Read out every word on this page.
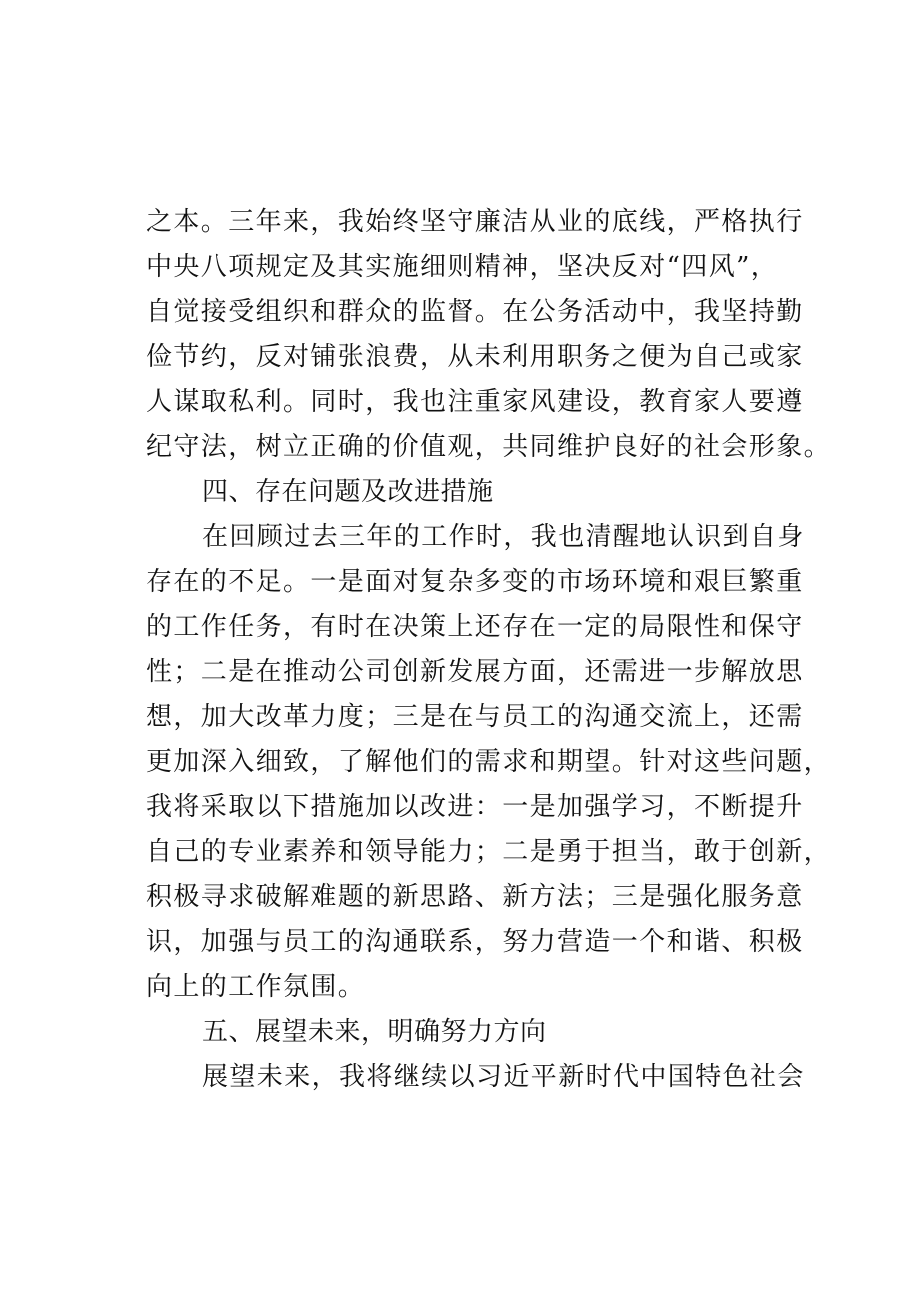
之本。三年来，我始终坚守廉洁从业的底线，严格执行
中央八项规定及其实施细则精神，坚决反对“四风”，
自觉接受组织和群众的监督。在公务活动中，我坚持勤
俭节约，反对铺张浪费，从未利用职务之便为自己或家
人谋取私利。同时，我也注重家风建设，教育家人要遵
纪守法，树立正确的价值观，共同维护良好的社会形象。
四、存在问题及改进措施
在回顾过去三年的工作时，我也清醒地认识到自身
存在的不足。一是面对复杂多变的市场环境和艰巨繁重
的工作任务，有时在决策上还存在一定的局限性和保守
性；二是在推动公司创新发展方面，还需进一步解放思
想，加大改革力度；三是在与员工的沟通交流上，还需
更加深入细致，了解他们的需求和期望。针对这些问题，
我将采取以下措施加以改进：一是加强学习，不断提升
自己的专业素养和领导能力；二是勇于担当，敢于创新，
积极寻求破解难题的新思路、新方法；三是强化服务意
识，加强与员工的沟通联系，努力营造一个和谐、积极
向上的工作氛围。
五、展望未来，明确努力方向
展望未来，我将继续以习近平新时代中国特色社会
